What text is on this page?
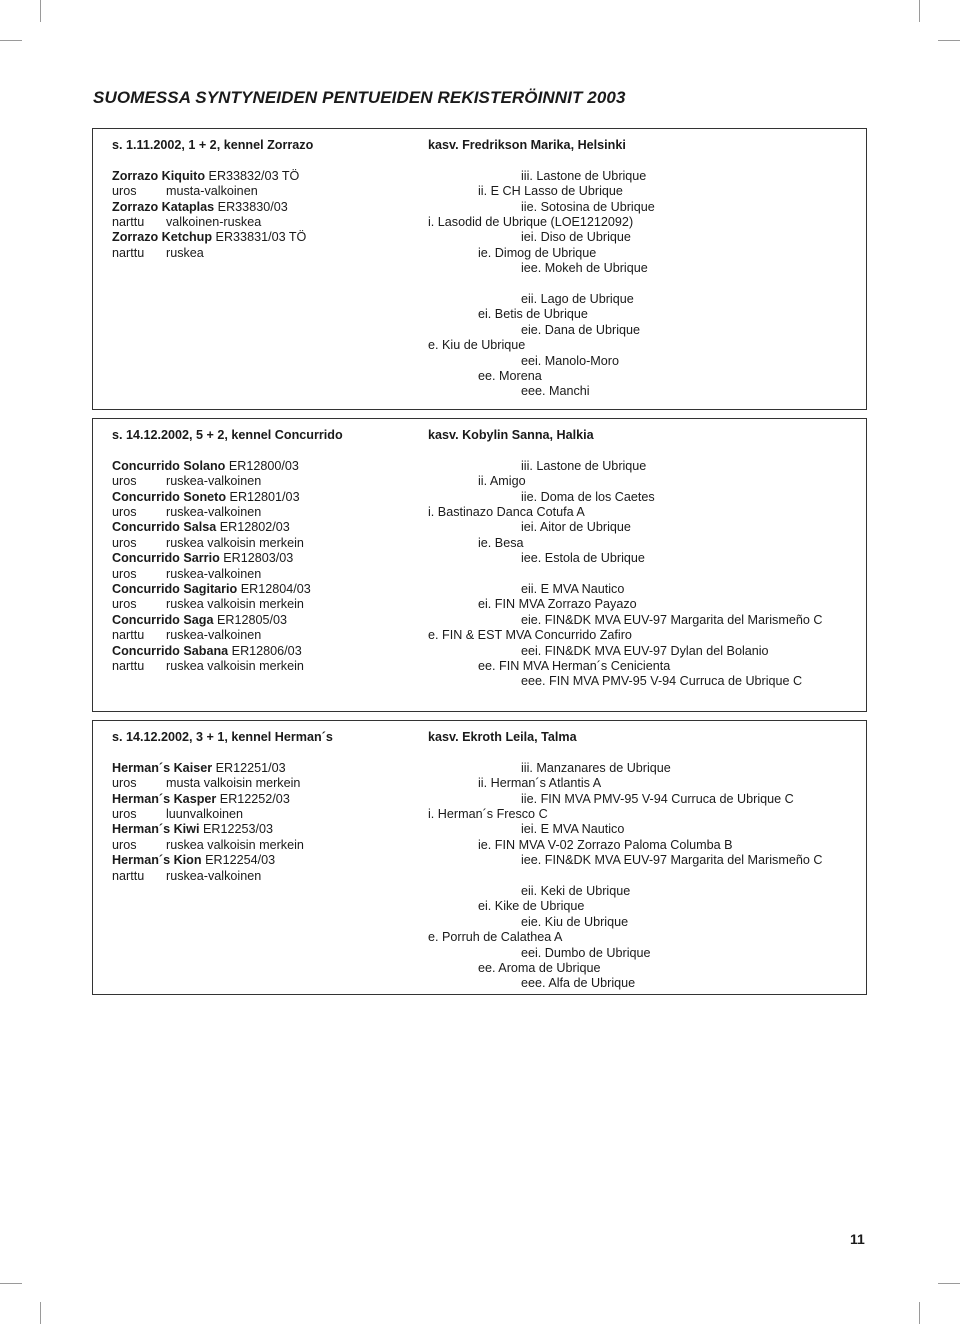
SUOMESSA SYNTYNEIDEN PENTUEIDEN REKISTERÖINNIT 2003
11
s. 1.11.2002, 1 + 2, kennel Zorrazo	kasv. Fredrikson Marika, Helsinki
Zorrazo Kiquito ER33832/03 TÖ
uros musta-valkoinen
Zorrazo Kataplas ER33830/03
narttu valkoinen-ruskea
Zorrazo Ketchup ER33831/03 TÖ
narttu ruskea
iii. Lastone de Ubrique
ii. E CH Lasso de Ubrique
iie. Sotosina de Ubrique
i. Lasodid de Ubrique (LOE1212092)
iei. Diso de Ubrique
ie. Dimog de Ubrique
iee. Mokeh de Ubrique
eii. Lago de Ubrique
ei. Betis de Ubrique
eie. Dana de Ubrique
e. Kiu de Ubrique
eei. Manolo-Moro
ee. Morena
eee. Manchi
s. 14.12.2002, 5 + 2, kennel Concurrido	kasv. Kobylin Sanna, Halkia
Concurrido Solano ER12800/03
uros ruskea-valkoinen
Concurrido Soneto ER12801/03
uros ruskea-valkoinen
Concurrido Salsa ER12802/03
uros ruskea valkoisin merkein
Concurrido Sarrio ER12803/03
uros ruskea-valkoinen
Concurrido Sagitario ER12804/03
uros ruskea valkoisin merkein
Concurrido Saga ER12805/03
narttu ruskea-valkoinen
Concurrido Sabana ER12806/03
narttu ruskea valkoisin merkein
iii. Lastone de Ubrique
ii. Amigo
iie. Doma de los Caetes
i. Bastinazo Danca Cotufa A
iei. Aitor de Ubrique
ie. Besa
iee. Estola de Ubrique
eii. E MVA Nautico
ei. FIN MVA Zorrazo Payazo
eie. FIN&DK MVA EUV-97 Margarita del Marismeño C
e. FIN & EST MVA Concurrido Zafiro
eei. FIN&DK MVA EUV-97 Dylan del Bolanio
ee. FIN MVA Herman´s Cenicienta
eee. FIN MVA PMV-95 V-94 Curruca de Ubrique C
s. 14.12.2002, 3 + 1, kennel Herman´s	kasv. Ekroth Leila, Talma
Herman´s Kaiser ER12251/03
uros musta valkoisin merkein
Herman´s Kasper ER12252/03
uros luunvalkoinen
Herman´s Kiwi ER12253/03
uros ruskea valkoisin merkein
Herman´s Kion ER12254/03
narttu ruskea-valkoinen
iii. Manzanares de Ubrique
ii. Herman´s Atlantis A
iie. FIN MVA PMV-95 V-94 Curruca de Ubrique C
i. Herman´s Fresco C
iei. E MVA Nautico
ie. FIN MVA V-02 Zorrazo Paloma Columba B
iee. FIN&DK MVA EUV-97 Margarita del Marismeño C
eii. Keki de Ubrique
ei. Kike de Ubrique
eie. Kiu de Ubrique
e. Porruh de Calathea A
eei. Dumbo de Ubrique
ee. Aroma de Ubrique
eee. Alfa de Ubrique
